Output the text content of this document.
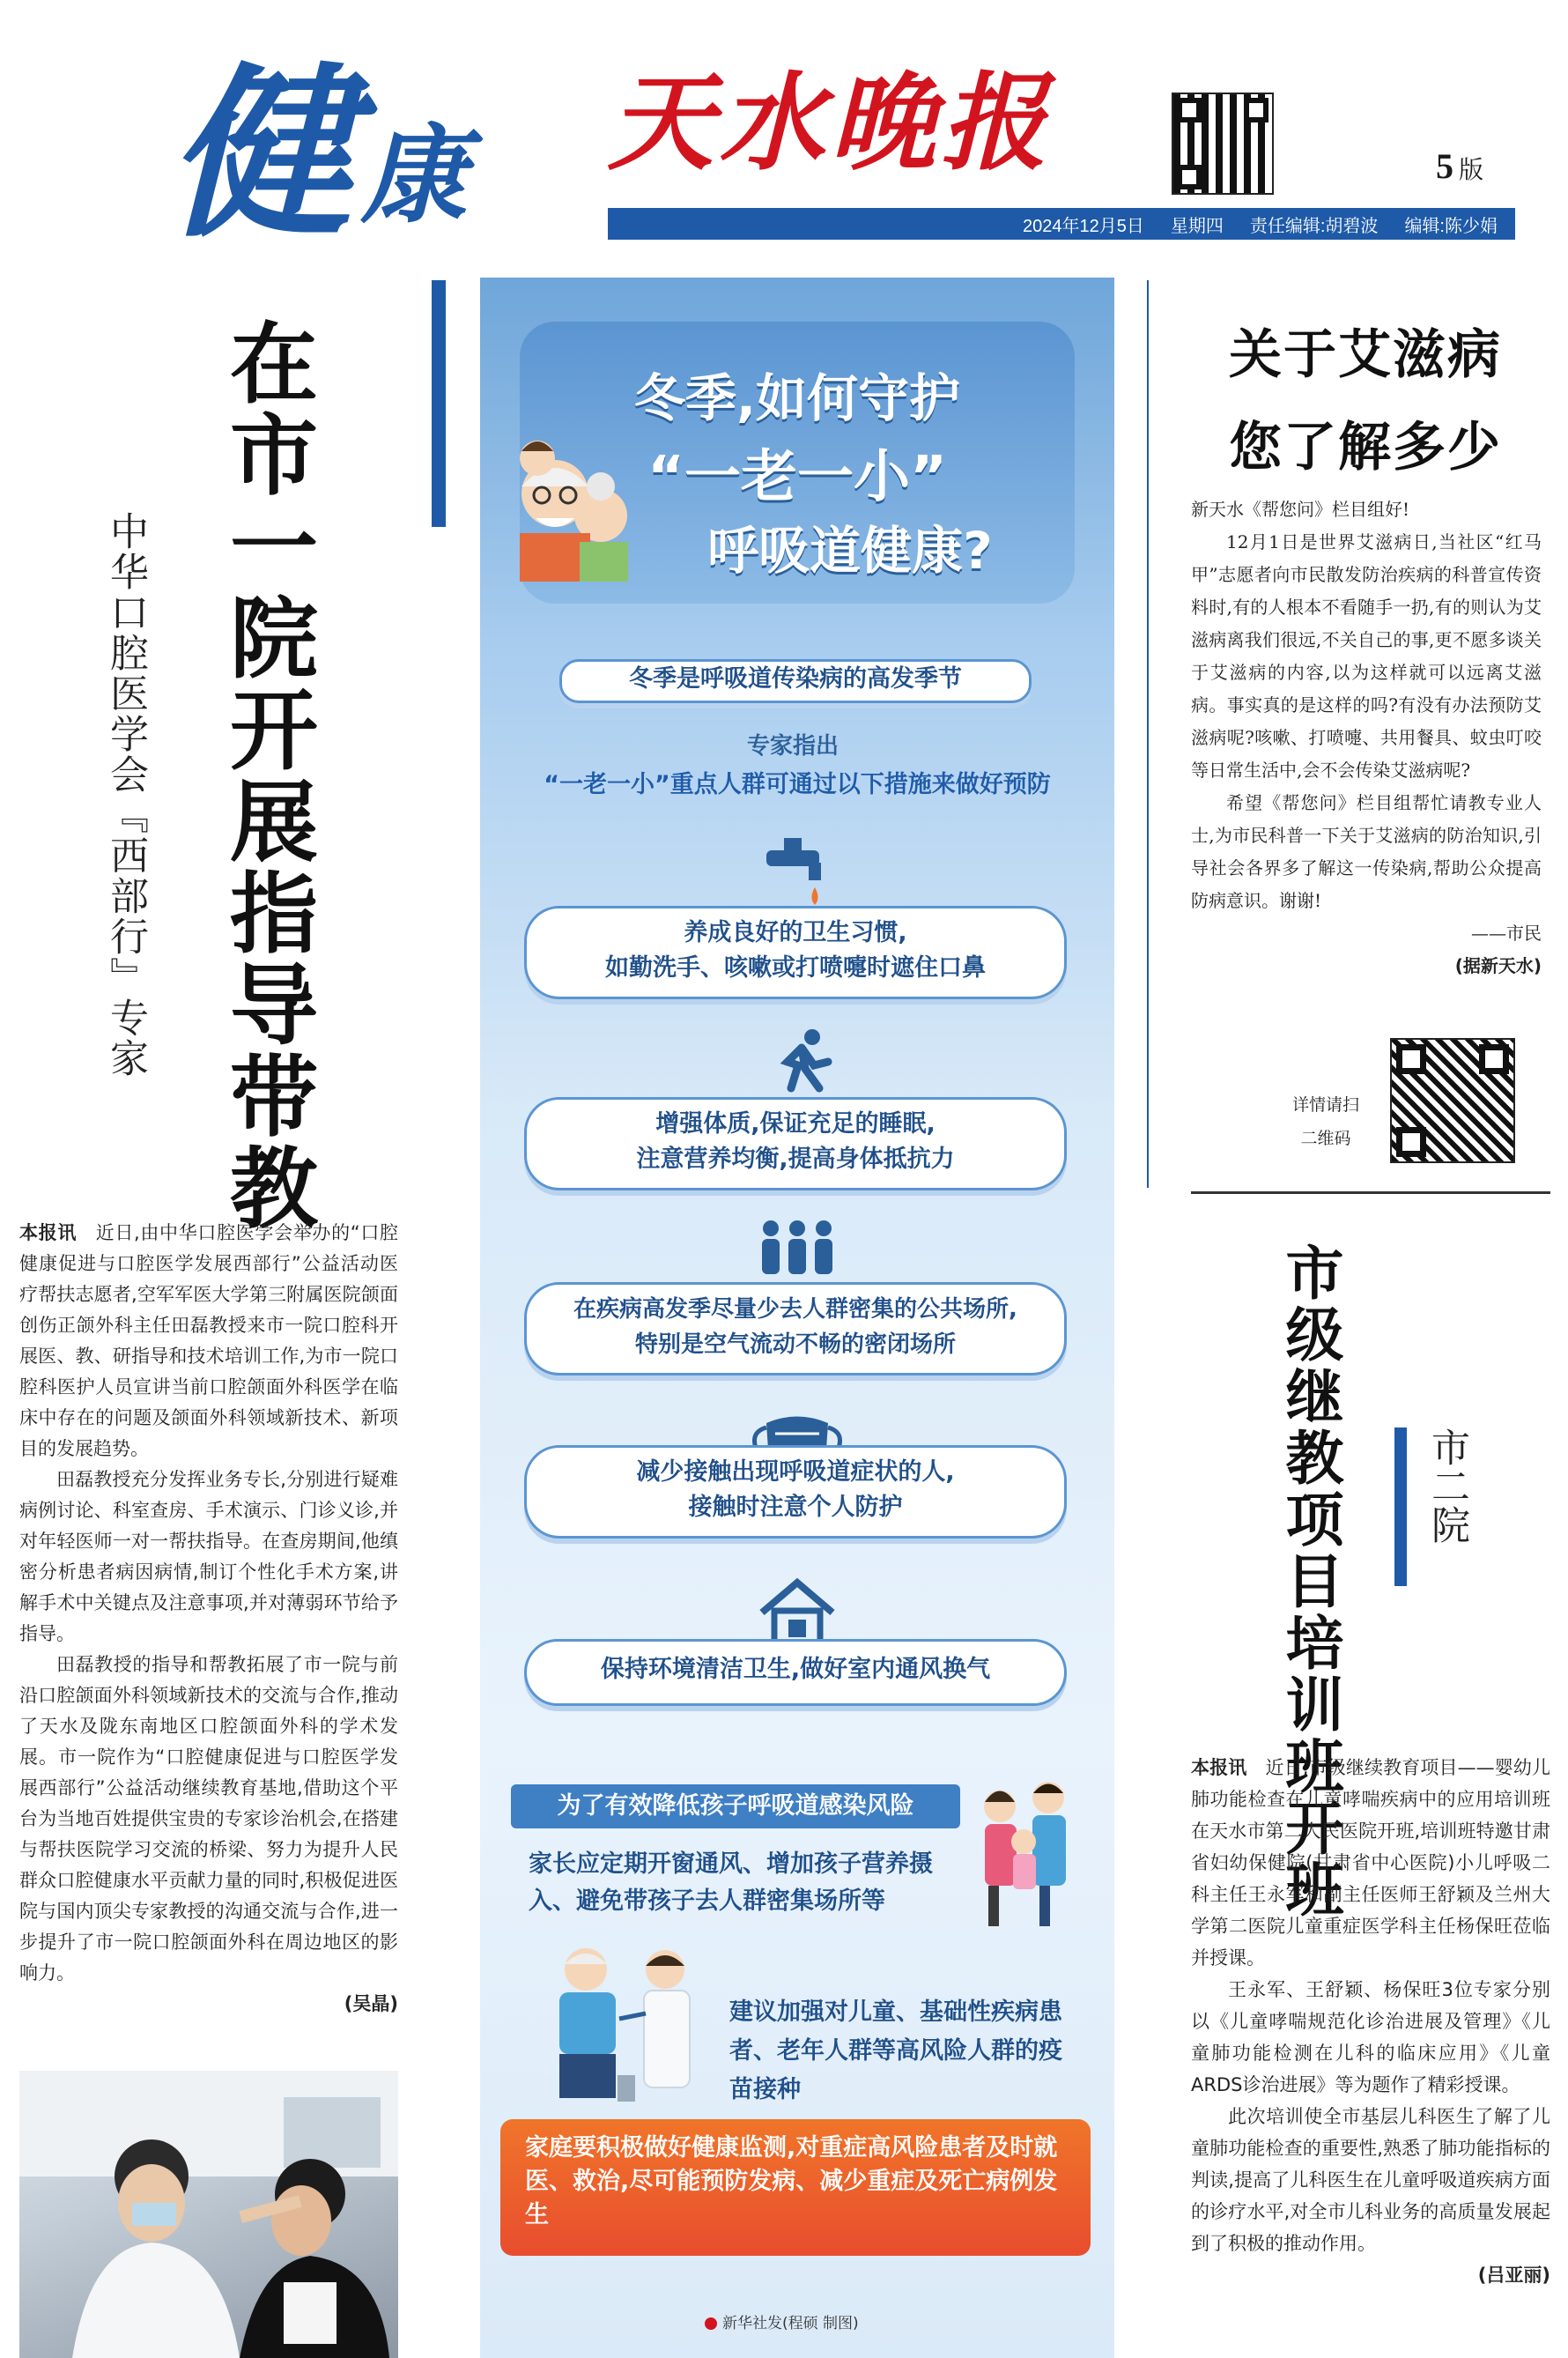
健 康 天水晚报	5 版
2024年12月5日 星期四 责任编辑:胡碧波 编辑:陈少娟
在市一院开展指导带教
中华口腔医学会『西部行』专家

本报讯　 近日,由中华口腔医学会举办的“口腔健康促进与口腔医学发展西部行”公益活动医疗帮扶志愿者,空军军医大学第三附属医院颌面创伤正颌外科主任田磊教授来市一院口腔科开展医、教、研指导和技术培训工作,为市一院口腔科医护人员宣讲当前口腔颌面外科医学在临床中存在的问题及颌面外科领域新技术、新项目的发展趋势。

田磊教授充分发挥业务专长,分别进行疑难病例讨论、科室查房、手术演示、门诊义诊,并对年轻医师一对一帮扶指导。在查房期间,他缜密分析患者病因病情,制订个性化手术方案,讲解手术中关键点及注意事项,并对薄弱环节给予指导。

田磊教授的指导和帮教拓展了市一院与前沿口腔颌面外科领域新技术的交流与合作,推动了天水及陇东南地区口腔颌面外科的学术发展。市一院作为“口腔健康促进与口腔医学发展西部行”公益活动继续教育基地,借助这个平台为当地百姓提供宝贵的专家诊治机会,在搭建与帮扶医院学习交流的桥梁、努力为提升人民群众口腔健康水平贡献力量的同时,积极促进医院与国内顶尖专家教授的沟通交流与合作,进一步提升了市一院口腔颌面外科在周边地区的影响力。

(吴晶)
冬季,如何守护
“一老一小”
呼吸道健康?
冬季是呼吸道传染病的高发季节
专家指出
“一老一小”重点人群可通过以下措施来做好预防
养成良好的卫生习惯,
如勤洗手、咳嗽或打喷嚏时遮住口鼻
增强体质,保证充足的睡眠,
注意营养均衡,提高身体抵抗力
在疾病高发季尽量少去人群密集的公共场所,
特别是空气流动不畅的密闭场所
减少接触出现呼吸道症状的人,
接触时注意个人防护
保持环境清洁卫生,做好室内通风换气
为了有效降低孩子呼吸道感染风险
家长应定期开窗通风、增加孩子营养摄入、避免带孩子去人群密集场所等
建议加强对儿童、基础性疾病患者、老年人群等高风险人群的疫苗接种
家庭要积极做好健康监测,对重症高风险患者及时就医、救治,尽可能预防发病、减少重症及死亡病例发生
新华社发(程硕 制图)
关于艾滋病
您了解多少

新天水《帮您问》栏目组好!

12月1日是世界艾滋病日,当社区“红马甲”志愿者向市民散发防治疾病的科普宣传资料时,有的人根本不看随手一扔,有的则认为艾滋病离我们很远,不关自己的事,更不愿多谈关于艾滋病的内容,以为这样就可以远离艾滋病。事实真的是这样的吗?有没有办法预防艾滋病呢?咳嗽、打喷嚏、共用餐具、蚊虫叮咬等日常生活中,会不会传染艾滋病呢?

希望《帮您问》栏目组帮忙请教专业人士,为市民科普一下关于艾滋病的防治知识,引导社会各界多了解这一传染病,帮助公众提高防病意识。谢谢!

——市民
(据新天水)
详情请扫
二维码
市级继教项目培训班开班 市二院

本报讯　 近日,市级继续教育项目——婴幼儿肺功能检查在儿童哮喘疾病中的应用培训班在天水市第二人民医院开班,培训班特邀甘肃省妇幼保健院(甘肃省中心医院)小儿呼吸二科主任王永军和副主任医师王舒颖及兰州大学第二医院儿童重症医学科主任杨保旺莅临并授课。

王永军、王舒颖、杨保旺3位专家分别以《儿童哮喘规范化诊治进展及管理》《儿童肺功能检测在儿科的临床应用》《儿童ARDS诊治进展》等为题作了精彩授课。

此次培训使全市基层儿科医生了解了儿童肺功能检查的重要性,熟悉了肺功能指标的判读,提高了儿科医生在儿童呼吸道疾病方面的诊疗水平,对全市儿科业务的高质量发展起到了积极的推动作用。

(吕亚丽)
